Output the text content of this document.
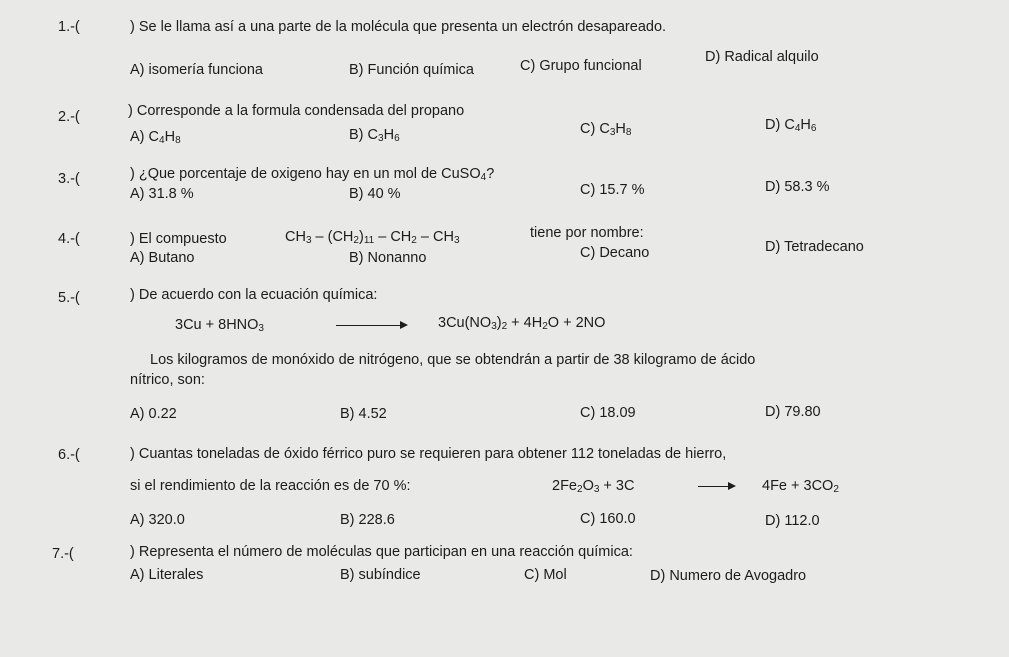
1.-(	) Se le llama así a una parte de la molécula que presenta un electrón desapareado.
A) isomería funciona	B) Función química	C) Grupo funcional
D) Radical alquilo
2.-(	) Corresponde a la formula condensada del propano
A) $C_4H_8$	B) $C_3H_6$
C) $C_3H_8$	D) $C_4H_6$
3.-(	) ¿Que porcentaje de oxigeno hay en un mol de CuSO$_4$?
A) 31.8 %	B) 40 %	C) 15.7 %	D) 58.3 %
4.-(	) El compuesto	$CH_3 - (CH_2)_{11} - CH_2 - CH_3$	tiene por nombre:
A) Butano	B) Nonanno	C) Decano	D) Tetradecano
5.-(	) De acuerdo con la ecuación química:
$3Cu + 8HNO_3$	$3Cu(NO_3)_2 + 4H_2O + 2NO$
Los kilogramos de monóxido de nitrógeno, que se obtendrán a partir de 38 kilogramo de ácido
nítrico, son:
A) 0.22	B) 4.52	C) 18.09	D) 79.80
6.-(	) Cuantas toneladas de óxido férrico puro se requieren para obtener 112 toneladas de hierro,
si el rendimiento de la reacción es de 70 %:	$2Fe_2O_3 + 3C$	$4Fe + 3CO_2$
A) 320.0	B) 228.6	C) 160.0	D) 112.0
7.-(	) Representa el número de moléculas que participan en una reacción química:
A) Literales	B) subíndice	C) Mol	D) Numero de Avogadro
